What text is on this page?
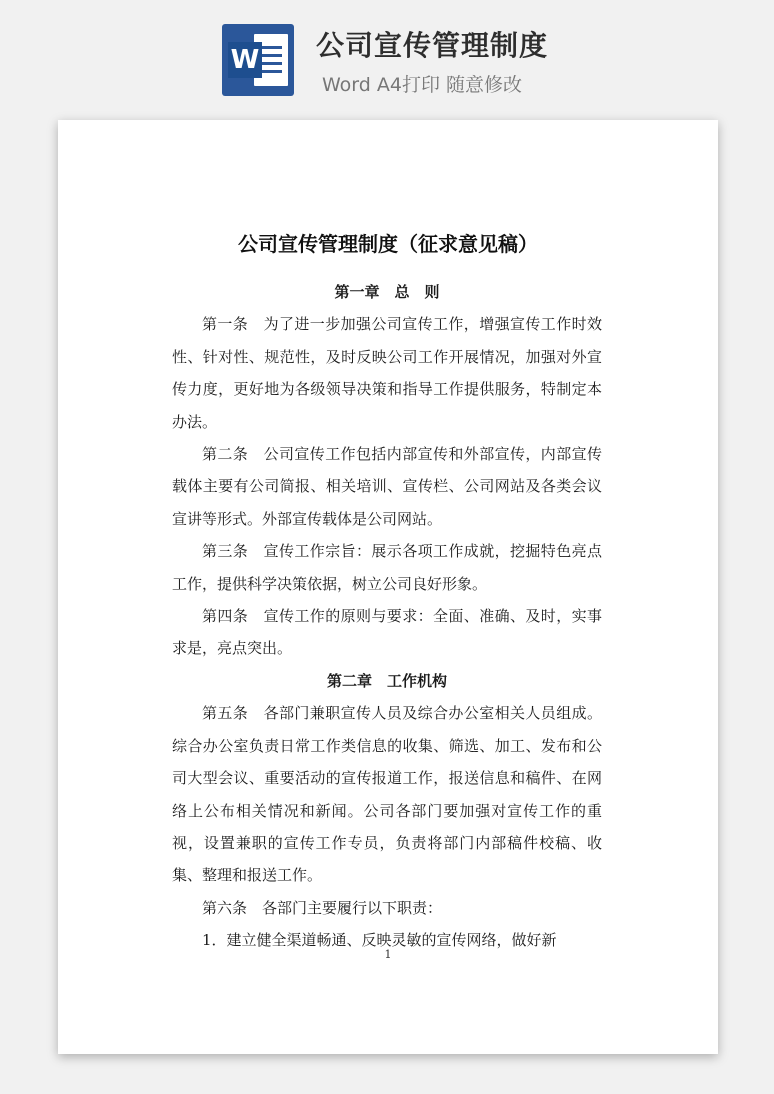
W 公司宣传管理制度
Word A4打印 随意修改
公司宣传管理制度（征求意见稿）

第一章　总　则

第一条　为了进一步加强公司宣传工作，增强宣传工作时效性、针对性、规范性，及时反映公司工作开展情况，加强对外宣传力度，更好地为各级领导决策和指导工作提供服务，特制定本办法。

第二条　公司宣传工作包括内部宣传和外部宣传，内部宣传载体主要有公司简报、相关培训、宣传栏、公司网站及各类会议宣讲等形式。外部宣传载体是公司网站。

第三条　宣传工作宗旨：展示各项工作成就，挖掘特色亮点工作，提供科学决策依据，树立公司良好形象。

第四条　宣传工作的原则与要求：全面、准确、及时，实事求是，亮点突出。

第二章　工作机构

第五条　各部门兼职宣传人员及综合办公室相关人员组成。综合办公室负责日常工作类信息的收集、筛选、加工、发布和公司大型会议、重要活动的宣传报道工作，报送信息和稿件、在网络上公布相关情况和新闻。公司各部门要加强对宣传工作的重视，设置兼职的宣传工作专员，负责将部门内部稿件校稿、收集、整理和报送工作。

第六条　各部门主要履行以下职责：

1．建立健全渠道畅通、反映灵敏的宣传网络，做好新

1
